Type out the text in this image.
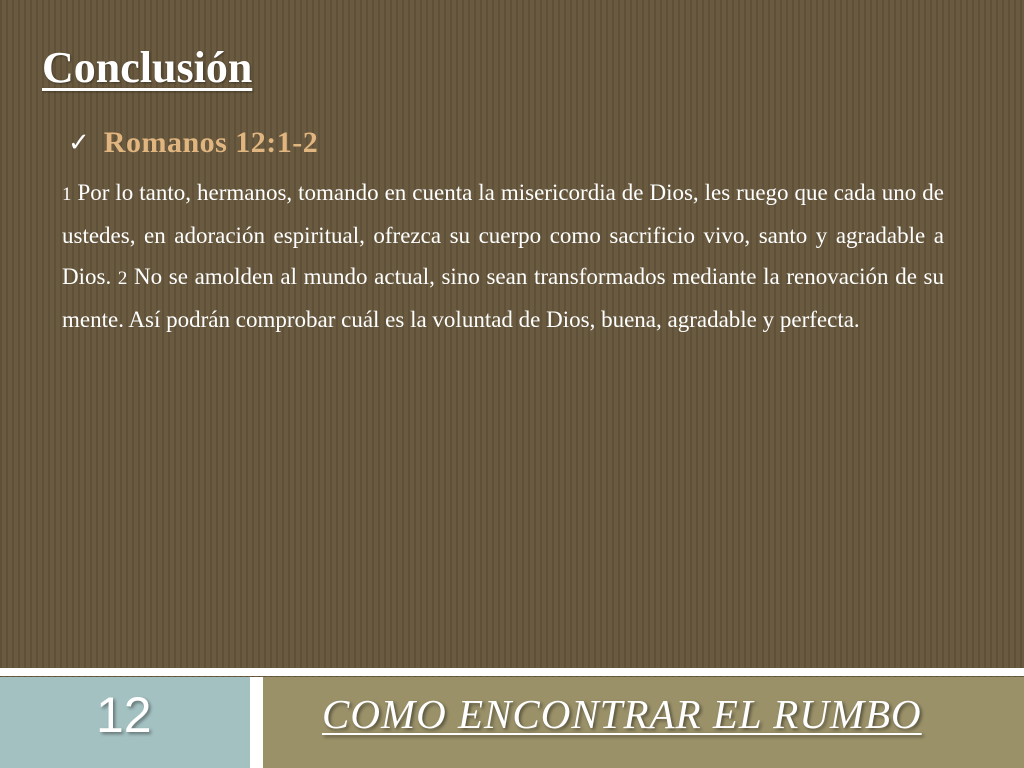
Conclusión
✓ Romanos 12:1-2
1 Por lo tanto, hermanos, tomando en cuenta la misericordia de Dios, les ruego que cada uno de ustedes, en adoración espiritual, ofrezca su cuerpo como sacrificio vivo, santo y agradable a Dios. 2 No se amolden al mundo actual, sino sean transformados mediante la renovación de su mente. Así podrán comprobar cuál es la voluntad de Dios, buena, agradable y perfecta.
12	COMO ENCONTRAR EL RUMBO
